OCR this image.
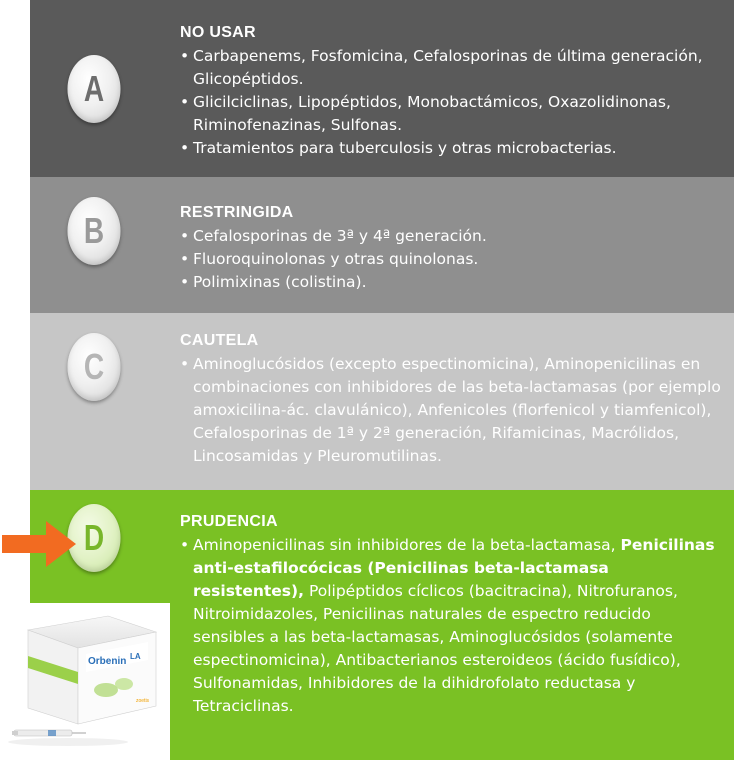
A
B
C
D
NO USAR
• Carbapenems, Fosfomicina, Cefalosporinas de última generación, Glicopéptidos.
• Glicilciclinas, Lipopéptidos, Monobactámicos, Oxazolidinonas, Riminofenazinas, Sulfonas.
• Tratamientos para tuberculosis y otras microbacterias.
RESTRINGIDA
• Cefalosporinas de 3ª y 4ª generación.
• Fluoroquinolonas y otras quinolonas.
• Polimixinas (colistina).
CAUTELA
• Aminoglucósidos (excepto espectinomicina), Aminopenicilinas en combinaciones con inhibidores de las beta-lactamasas (por ejemplo amoxicilina-ác. clavulánico), Anfenicoles (florfenicol y tiamfenicol), Cefalosporinas de 1ª y 2ª generación, Rifamicinas, Macrólidos, Lincosamidas y Pleuromutilinas.
PRUDENCIA
• Aminopenicilinas sin inhibidores de la beta-lactamasa, Penicilinas anti-estafilocócicas (Penicilinas beta-lactamasa resistentes), Polipéptidos cíclicos (bacitracina), Nitrofuranos, Nitroimidazoles, Penicilinas naturales de espectro reducido sensibles a las beta-lactamasas, Aminoglucósidos (solamente espectinomicina), Antibacterianos esteroideos (ácido fusídico), Sulfonamidas, Inhibidores de la dihidrofolato reductasa y Tetraciclinas.
Orbenin LA
zoetis
